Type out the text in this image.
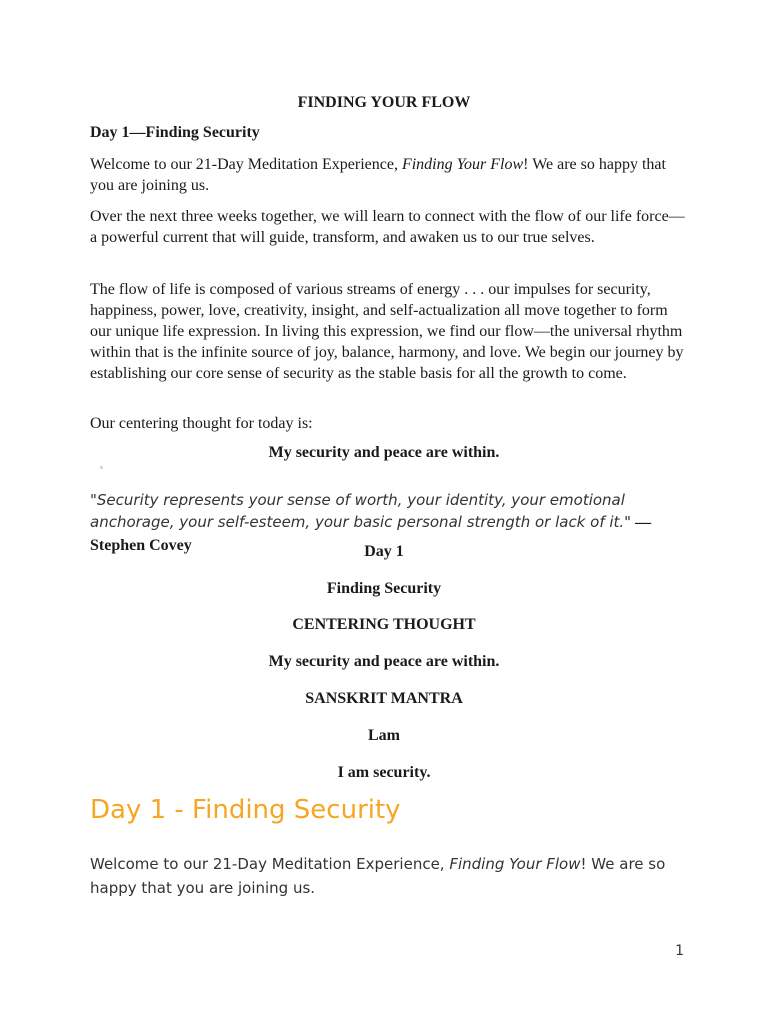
FINDING YOUR FLOW
Day 1—Finding Security
Welcome to our 21-Day Meditation Experience, Finding Your Flow! We are so happy that you are joining us.
Over the next three weeks together, we will learn to connect with the flow of our life force—a powerful current that will guide, transform, and awaken us to our true selves.
The flow of life is composed of various streams of energy . . . our impulses for security, happiness, power, love, creativity, insight, and self-actualization all move together to form our unique life expression. In living this expression, we find our flow—the universal rhythm within that is the infinite source of joy, balance, harmony, and love. We begin our journey by establishing our core sense of security as the stable basis for all the growth to come.
Our centering thought for today is:
My security and peace are within.
"Security represents your sense of worth, your identity, your emotional anchorage, your self-esteem, your basic personal strength or lack of it." —Stephen Covey	Day 1
Finding Security
CENTERING THOUGHT
My security and peace are within.
SANSKRIT MANTRA
Lam
I am security.
Day 1 - Finding Security
Welcome to our 21-Day Meditation Experience, Finding Your Flow! We are so happy that you are joining us.
1
